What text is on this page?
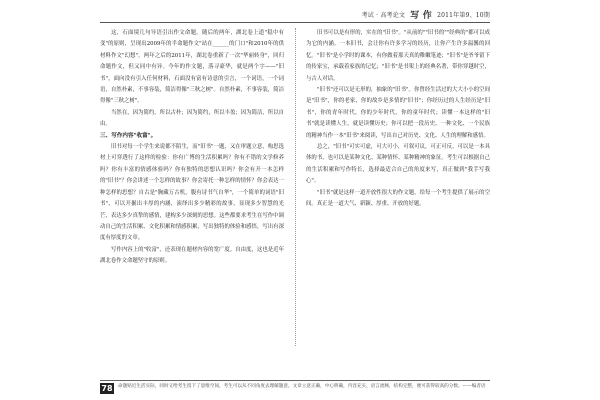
考试 · 高考论文 写 作 2011年第9、10期

这，石面境几句导语引出作文命题。随后的两年，湖北卷上道"稳中有变"的原则，呈现出2009年的半命题作文"站在______的门口"和2010年的供材料作文"幻想"。两年之后的2011年，湖北卷重新了一次"华丽转身"，回归命题作文，但又同中有异。今年的作文题，落寻豪华，就是两个字——"旧书"，面向没有引入任何材料，石面没有富有诗意的引言，一个词语，一个词语，自然朴素，不事容装，简洁得像"三秋之树"。自然朴素，不事容装，简洁得像"三秋之树"。

当然在，因为简约，所以古朴；因为简约，所以丰盈；因为简洁，所以自由。

三、写作内容"收富"。

旧书对每一个学生来说都不陌生，而"旧书"一题，又在审题立意，构思选材上可穿透行了这样的检验：你有广博的生活积累吗？你有不错的文学修养吗？你有丰富的情感体验吗？你有独特的思想认识吗？你会有开一本怎样的"旧书"？你会讲述一个怎样的故事？你会寄托一种怎样的情怀？你会表达一种怎样的思想？自古是"胸藏万古机，腹有诗书气自华"，一个简单的词语"旧书"，可以开掘出丰厚的内涵，演绎出多少精彩的故事，显现多少智慧的光芒，表达多少真挚的感情，建构多少深刻的思想。这些都要求考生在写作中调动自己的生活积累、文化积累和情感积累，写出独特的体验和感悟，写出有深度有厚度的文章。

写作内容上的"收富"，还表现在题材内容的宽广度。自由度，这也是近年湖北卷作文命题坚守的原则。

旧书可以是有形的，实在的"旧书"。"从前的""旧书的""经典的"都可以成为它的内涵。一本旧书，会让你有许多学习的经历，让你产生许多温馨的回忆。"旧书"是小学时的课本，有你做着那天真的稚嫩笔迹；"旧书"是爷爷留下的传家宝，承载着家族的记忆；"旧书"是书架上的经典名著，带你穿越时空，与古人对话。

"旧书"还可以是无形的，抽象的"旧书"。你曾经生活过的大大小小的空间是"旧书"，你的老家，你的故乡是多情的"旧书"；你经历过的人生经历是"旧书"，你的青年时代，你的少年时代，你的童年时代；读懂一本这样的"旧书"就是读懂人生，就是读懂历史；你可以把一段历史、一种文化、一个民族的精神当作一本"旧书"来阅读，写出自己对历史、文化、人生的理解和感悟。

总之，"旧书"可实可虚，可大可小，可叙可议，可正可反。可以是一本具体的书，也可以是某种文化、某种情怀、某种精神的象征。考生可以根据自己的生活积累和写作特长，选择最适合自己的角度来写，真正做到"我手写我心"。

"旧书"就是这样一道开放性很大的作文题，给每一个考生提供了展示的空间。真正是一道大气、新颖、厚重、开放的好题。

78	命题贴近生活实际，同时又给考生留下了思维空间，考生可以从不同角度去理解题意，文章立意正确，中心明确，内容充实，语言流畅，结构完整，便可获得较高的分数。——编者语
